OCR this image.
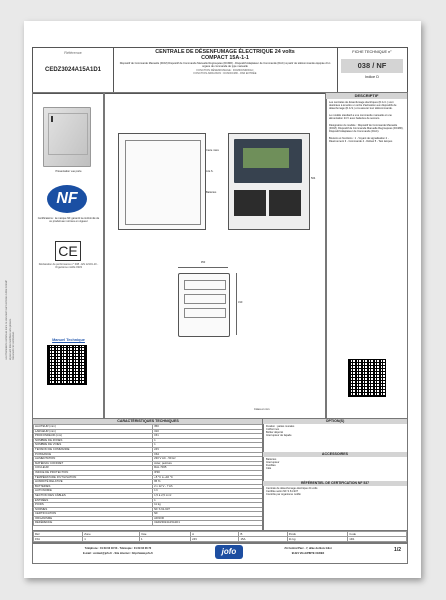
Les informations contenues dans ce document sont données à titre indicatif et peuvent être modifiées sans préavis. Document non contractuel.
Référence
CEDZ3024A15A1D1
CENTRALE DE DÉSENFUMAGE ÉLECTRIQUE 24 volts
COMPACT 15A-1-1
Dispositif de Commande Manuelle (DCM) Dispositif de Commande Manuelle Regroupées (DCMR) - Dispositif Adaptateur de Commande (DAC) à partir de télécommande équipée d'un organe de commande de type manuelle
FONCTION DÉSENFUMAGE : DCM/DCMR/DAC
FONCTION ARRAISON : DCM/DCMR - PAR ENTRÉE
FICHE TECHNIQUE n°
038 / NF
Indice D
Présentation vue porte
NF
Certifications : la marque NF garantit la conformité de ce produit aux normes en vigueur
CE
Déclaration de performance n° 038 - EN 12101-10 - Organisme notifié 0333
Manuel Technique
Carte mère
A.E.S.
Batteries
504
350
310
Cotes en mm
DESCRIPTIF
Les centrales de désenfumage électriques (D.A.C.) sont destinées à émettre un ordre d'activation aux dispositifs de désenfumage (D.A.S.) et à assurer leur télécommande.
Le modèle standard a une commande manuelle et une alimentation 24 V avec batteries de secours.
Désignation du modèle : Dispositif de Commande Manuelle (DCM), Dispositif de Commande Manuelle Regroupées (DCMR), Dispositif Adaptateur de Commande (DAC).
Boutons et fonctions : 1 - Voyant de signalisation 2 - Réarmement 3 - Commande 4 - Défaut 5 - Test lampes
CARACTÉRISTIQUES TECHNIQUES
HAUTEUR (mm)	350
LARGEUR (mm)	310
PROFONDEUR (mm)	151
NOMBRE DE ZONES	1
NOMBRE DE VOIES	1
TENSION DE COMMANDE	24V
PUISSANCE	15A
ALIMENTATION	230 V AC - 50 Hz
MATÉRIAU COFFRET	Acier, peinture
COULEUR	RAL 7035
INDICE DE PROTECTION	IP30
TEMPÉRATURE D'UTILISATION	+5 °C à +40 °C
HUMIDITÉ RELATIVE	95 %
BATTERIES	2 x 12 V - 7 Ah
AUTONOMIE	1 h
SECTION DES CÂBLES	1,5 à 2,5 mm²
ENTRÉES	1
POIDS	11 kg
NORMES	NF S 61-937
CERTIFICATION	NF
ORGANISME	AFNOR
RÉFÉRENCE	CEDZ3024A15A1D1
OPTION(S)
Fixation : pattes murales
Coffret inox
Boîtier déporté
Interrupteur de façade
ACCESSOIRES
Batteries
Interrupteur
Fusibles
Clés
RÉFÉRENTIEL DE CERTIFICATION NF 537
Centrale de désenfumage électrique 24 volts
Certifiée selon NF S 61-937
Contrôle par organisme notifié
Réf.	Zone	Voie	A	B	Poids	Code
15A	1	1	24V	15A	11 kg	1D1
Téléphone : 01 69 02 18 53 - Télécopie : 01 69 02 28 72
E-mail : contact@jofo.fr - Site internet : http://www.jofo.fr	jofo	ZA Central Parc - 7, allée du Bois Gilot
91421 VILLEPINTE CEDEX
1/2
